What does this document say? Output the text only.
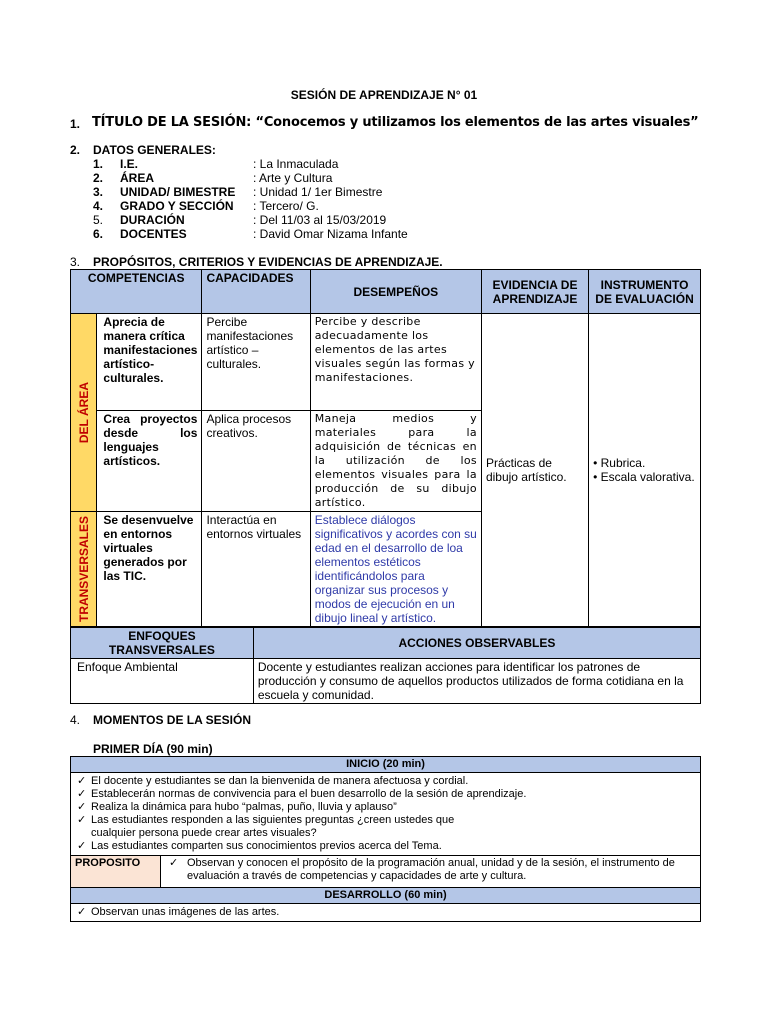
SESIÓN DE APRENDIZAJE N° 01
1. TÍTULO DE LA SESIÓN: “Conocemos y utilizamos los elementos de las artes visuales”
2. DATOS GENERALES:
1. I.E.	: La Inmaculada
2. ÁREA	: Arte y Cultura
3. UNIDAD/ BIMESTRE : Unidad 1/ 1er Bimestre
4. GRADO Y SECCIÓN : Tercero/ G.
5. DURACIÓN	: Del 11/03 al 15/03/2019
6. DOCENTES	: David Omar Nizama Infante
3. PROPÓSITOS, CRITERIOS Y EVIDENCIAS DE APRENDIZAJE.
COMPETENCIAS		CAPACIDADES	DESEMPEÑOS	EVIDENCIA DE APRENDIZAJE	INSTRUMENTO DE EVALUACIÓN

DEL ÁREA	Aprecia de manera crítica manifestaciones artístico-culturales.	Percibe manifestaciones artístico – culturales.	Percibe y describe adecuadamente los elementos de las artes visuales según las formas y manifestaciones.	Prácticas de dibujo artístico.	• Rubrica.
• Escala valorativa.

	Crea proyectos desde los lenguajes artísticos.	Aplica procesos creativos.	Maneja medios y materiales para la adquisición de técnicas en la utilización de los elementos visuales para la producción de su dibujo artístico.		

TRANSVERSALES	Se desenvuelve en entornos virtuales generados por las TIC.	Interactúa en entornos virtuales	Establece diálogos significativos y acordes con su edad en el desarrollo de loa elementos estéticos identificándolos para organizar sus procesos y modos de ejecución en un dibujo lineal y artístico.		
ENFOQUES TRANSVERSALES	ACCIONES OBSERVABLES
Enfoque Ambiental	Docente y estudiantes realizan acciones para identificar los patrones de producción y consumo de aquellos productos utilizados de forma cotidiana en la escuela y comunidad.
4. MOMENTOS DE LA SESIÓN
PRIMER DÍA (90 min)
INICIO (20 min)

✓ El docente y estudiantes se dan la bienvenida de manera afectuosa y cordial.
✓ Establecerán normas de convivencia para el buen desarrollo de la sesión de aprendizaje.
✓ Realiza la dinámica para hubo “palmas, puño, lluvia y aplauso”
✓ Las estudiantes responden a las siguientes preguntas ¿creen ustedes que cualquier persona puede crear artes visuales?
✓ Las estudiantes comparten sus conocimientos previos acerca del Tema.

PROPOSITO	✓ Observan y conocen el propósito de la programación anual, unidad y de la sesión, el instrumento de evaluación a través de competencias y capacidades de arte y cultura.

DESARROLLO (60 min)

✓ Observan unas imágenes de las artes.
